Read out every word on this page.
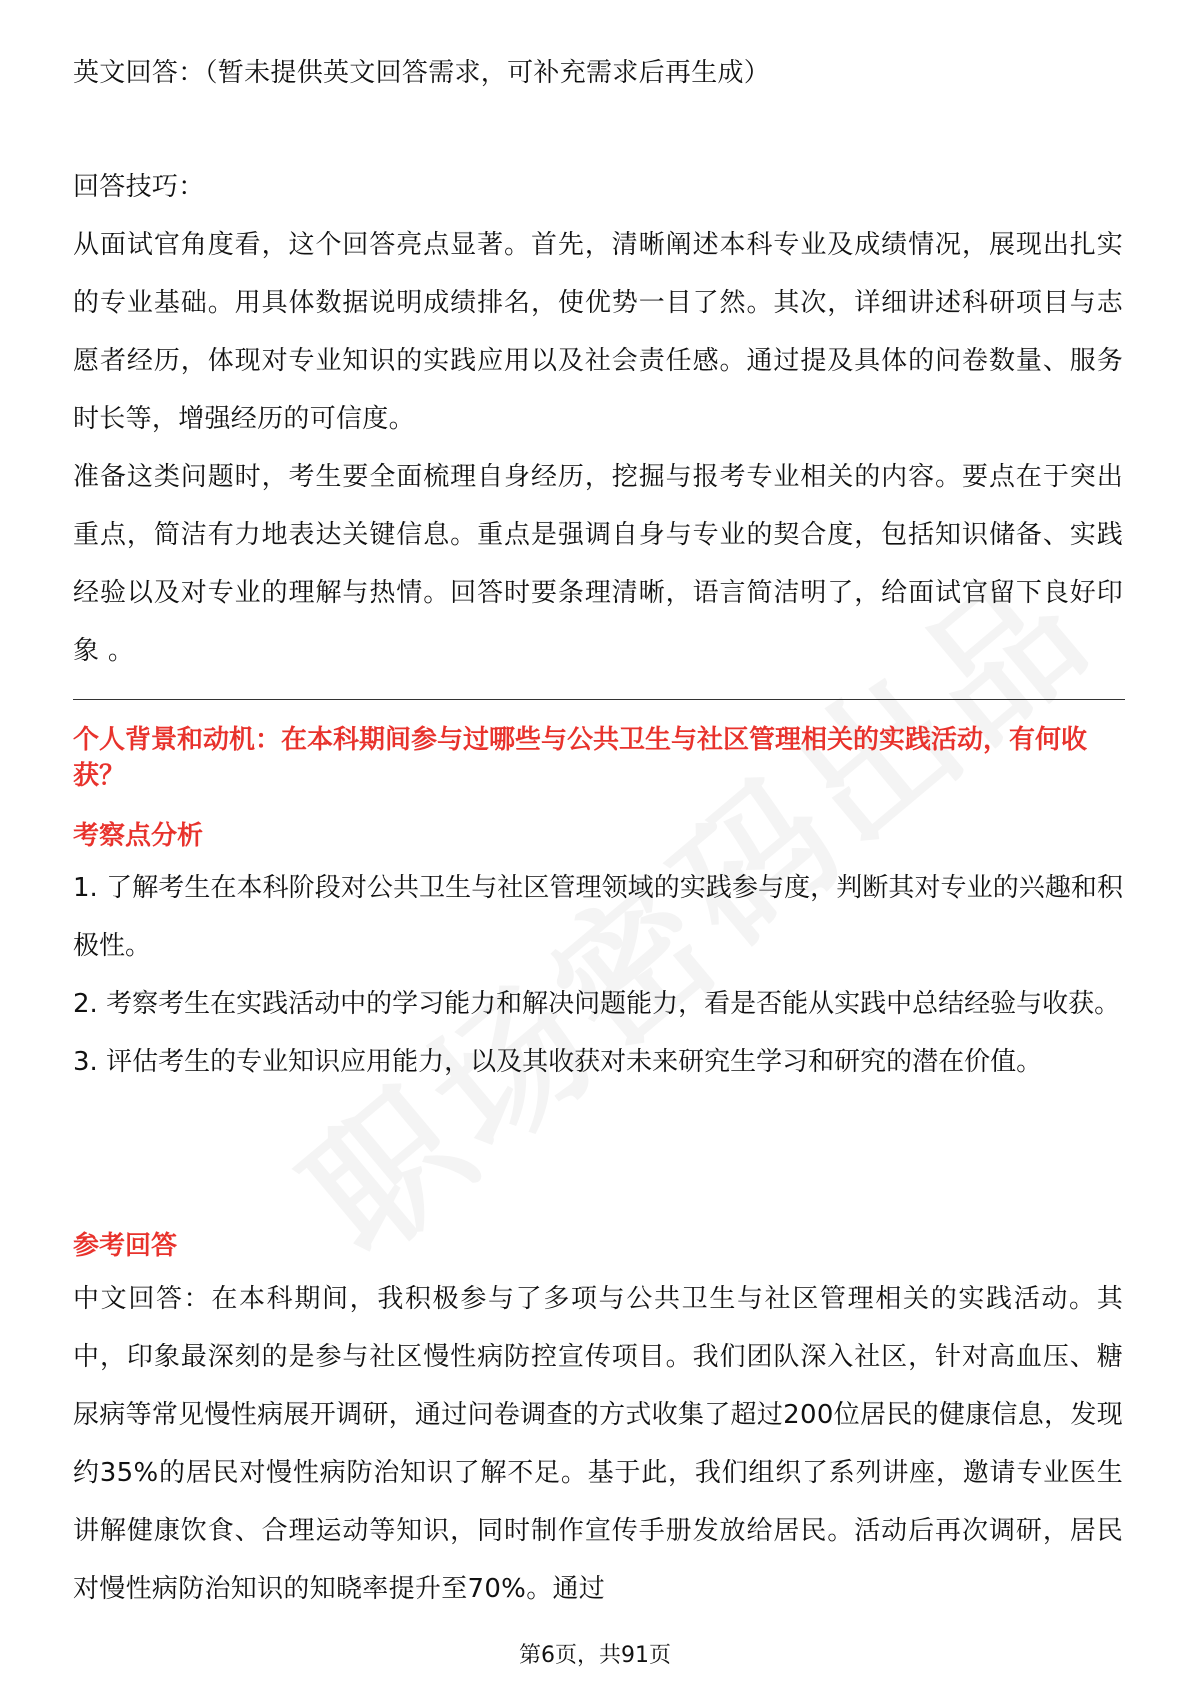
英文回答：（暂未提供英文回答需求，可补充需求后再生成）

回答技巧：

从面试官角度看，这个回答亮点显著。首先，清晰阐述本科专业及成绩情况，展现出扎实的专业基础。用具体数据说明成绩排名，使优势一目了然。其次，详细讲述科研项目与志愿者经历，体现对专业知识的实践应用以及社会责任感。通过提及具体的问卷数量、服务时长等，增强经历的可信度。

准备这类问题时，考生要全面梳理自身经历，挖掘与报考专业相关的内容。要点在于突出重点，简洁有力地表达关键信息。重点是强调自身与专业的契合度，包括知识储备、实践经验以及对专业的理解与热情。回答时要条理清晰，语言简洁明了，给面试官留下良好印象 。

个人背景和动机：在本科期间参与过哪些与公共卫生与社区管理相关的实践活动，有何收获？

考察点分析

1. 了解考生在本科阶段对公共卫生与社区管理领域的实践参与度，判断其对专业的兴趣和积极性。

2. 考察考生在实践活动中的学习能力和解决问题能力，看是否能从实践中总结经验与收获。

3. 评估考生的专业知识应用能力，以及其收获对未来研究生学习和研究的潜在价值。

参考回答

中文回答：在本科期间，我积极参与了多项与公共卫生与社区管理相关的实践活动。其中，印象最深刻的是参与社区慢性病防控宣传项目。我们团队深入社区，针对高血压、糖尿病等常见慢性病展开调研，通过问卷调查的方式收集了超过200位居民的健康信息，发现约35%的居民对慢性病防治知识了解不足。基于此，我们组织了系列讲座，邀请专业医生讲解健康饮食、合理运动等知识，同时制作宣传手册发放给居民。活动后再次调研，居民对慢性病防治知识的知晓率提升至70%。通过

第6页，共91页
